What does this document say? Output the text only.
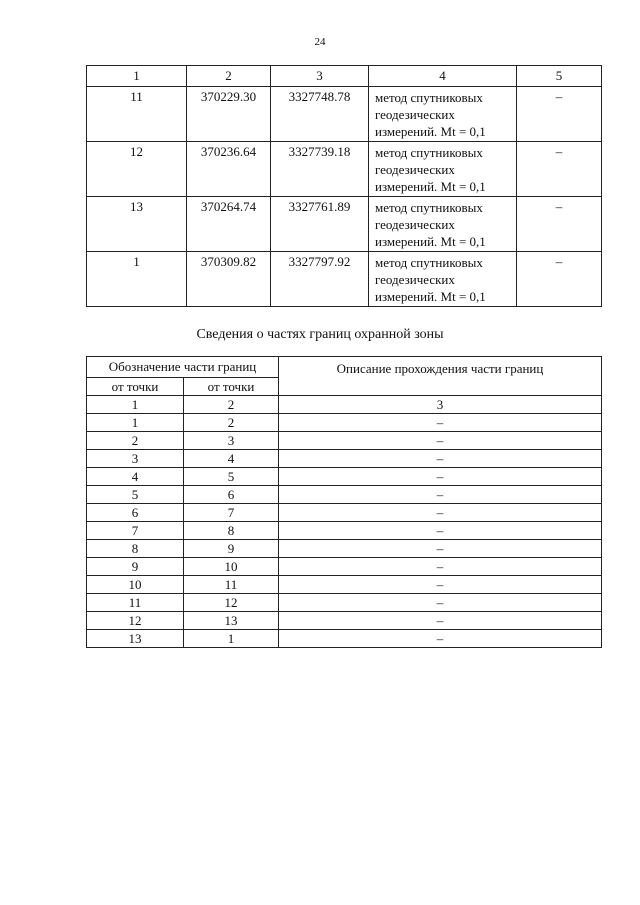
24
1	2	3	4	5
11	370229.30	3327748.78	метод спутниковых
геодезических
измерений. Mt = 0,1	–
12	370236.64	3327739.18	метод спутниковых
геодезических
измерений. Mt = 0,1	–
13	370264.74	3327761.89	метод спутниковых
геодезических
измерений. Mt = 0,1	–
1	370309.82	3327797.92	метод спутниковых
геодезических
измерений. Mt = 0,1	–
Сведения о частях границ охранной зоны
Обозначение части границ		Описание прохождения части границ
от точки	от точки	
1	2	3
1	2	–
2	3	–
3	4	–
4	5	–
5	6	–
6	7	–
7	8	–
8	9	–
9	10	–
10	11	–
11	12	–
12	13	–
13	1	–
